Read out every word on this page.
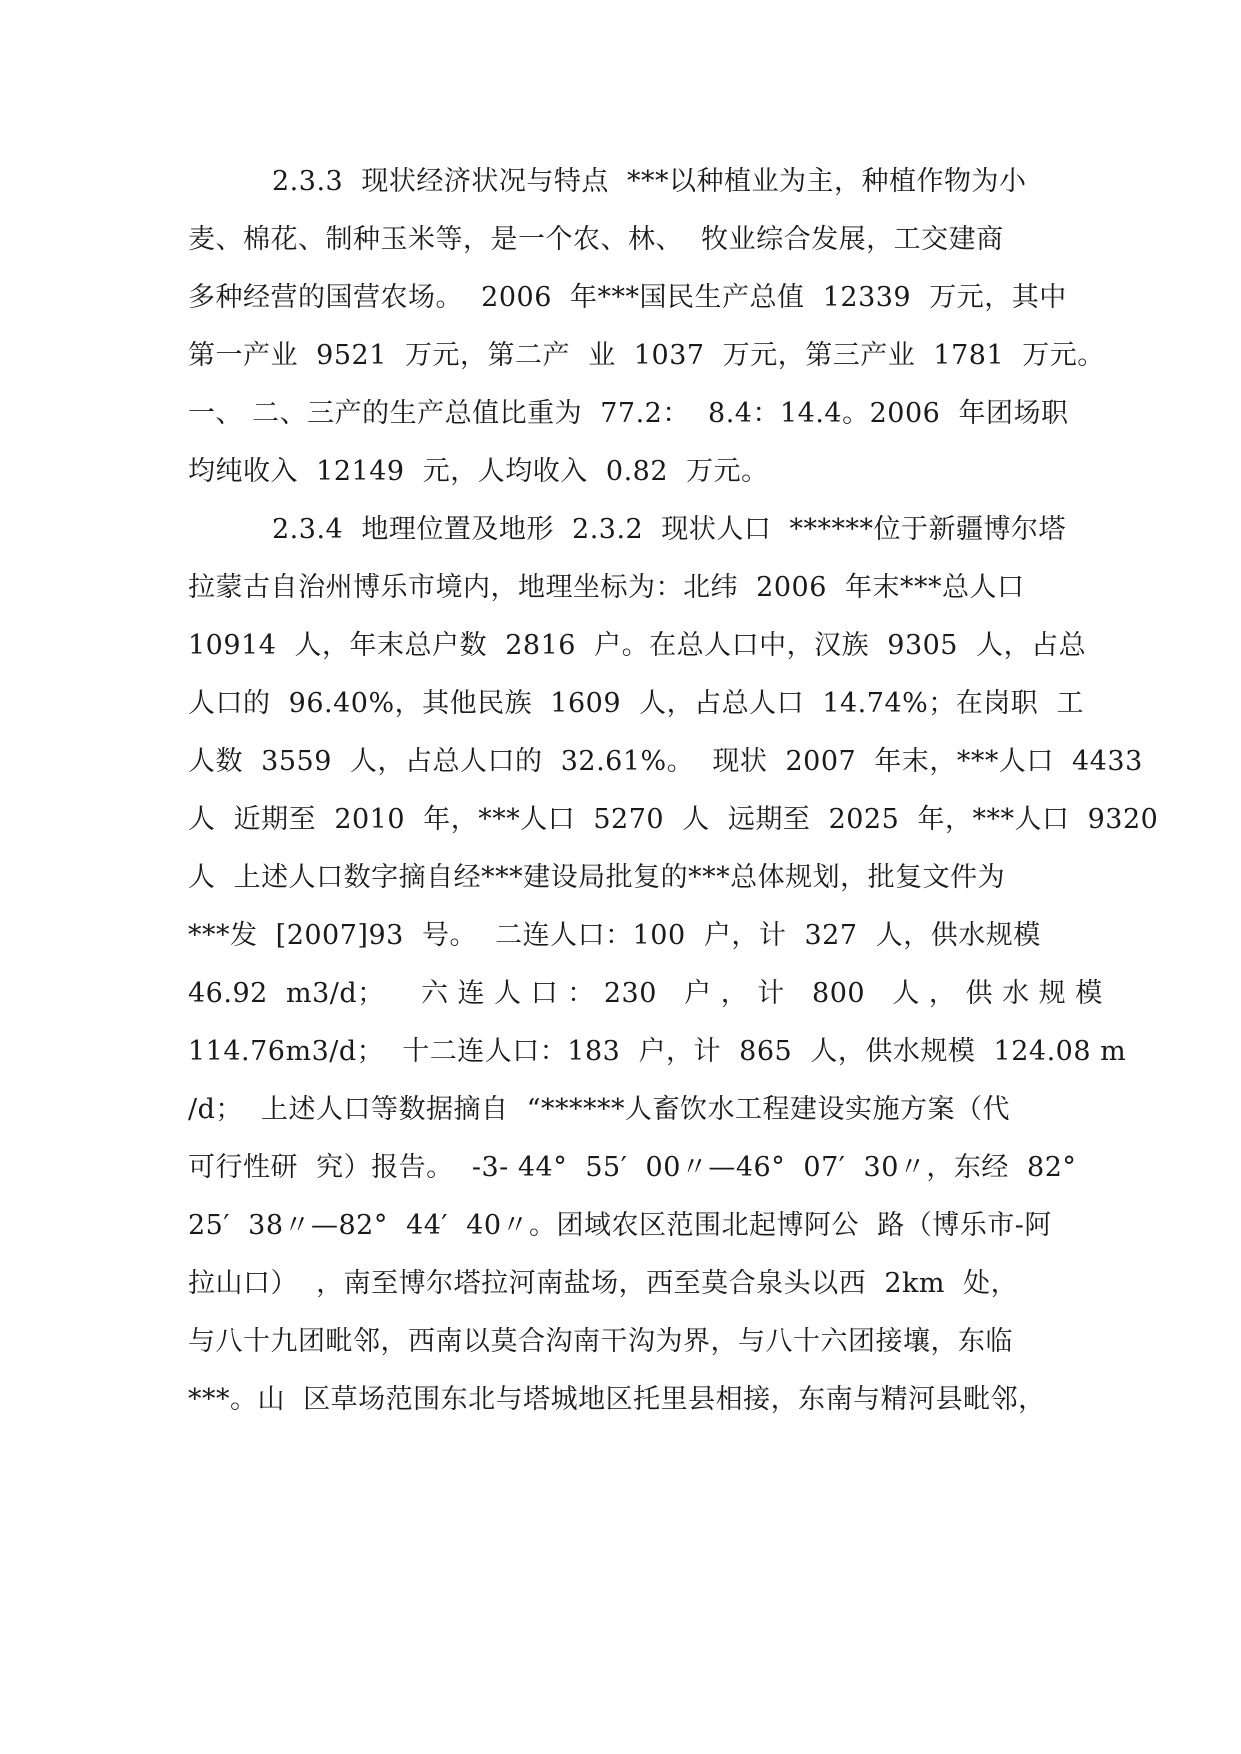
2.3.3  现状经济状况与特点  ***以种植业为主，种植作物为小
麦、棉花、制种玉米等，是一个农、林、  牧业综合发展，工交建商
多种经营的国营农场。  2006  年***国民生产总值  12339  万元，其中
第一产业  9521  万元，第二产  业  1037  万元，第三产业  1781  万元。
一、 二、三产的生产总值比重为  77.2：  8.4：14.4。2006  年团场职
均纯收入  12149  元，人均收入  0.82  万元。
2.3.4  地理位置及地形  2.3.2  现状人口  ******位于新疆博尔塔
拉蒙古自治州博乐市境内，地理坐标为：北纬  2006  年末***总人口
10914  人，年末总户数  2816  户。在总人口中，汉族  9305  人，占总
人口的  96.40%，其他民族  1609  人，占总人口  14.74%；在岗职  工
人数  3559  人，占总人口的  32.61%。  现状  2007  年末，***人口  4433
人  近期至  2010  年，***人口  5270  人  远期至  2025  年，***人口  9320
人  上述人口数字摘自经***建设局批复的***总体规划，批复文件为
***发  [2007]93  号。  二连人口：100  户，计  327  人，供水规模
46.92  m3/d；    六 连 人 口 ： 230   户 ， 计   800   人 ， 供 水 规 模
114.76m3/d；  十二连人口：183  户，计  865  人，供水规模  124.08 m
/d；  上述人口等数据摘自  “******人畜饮水工程建设实施方案（代
可行性研  究）报告。  -3- 44°  55′  00〃—46°  07′  30〃，东经  82°
25′  38〃—82°  44′  40〃。团域农区范围北起博阿公  路（博乐市-阿
拉山口）  ，南至博尔塔拉河南盐场，西至莫合泉头以西  2km  处，
与八十九团毗邻，西南以莫合沟南干沟为界，与八十六团接壤，东临
***。山  区草场范围东北与塔城地区托里县相接，东南与精河县毗邻，
